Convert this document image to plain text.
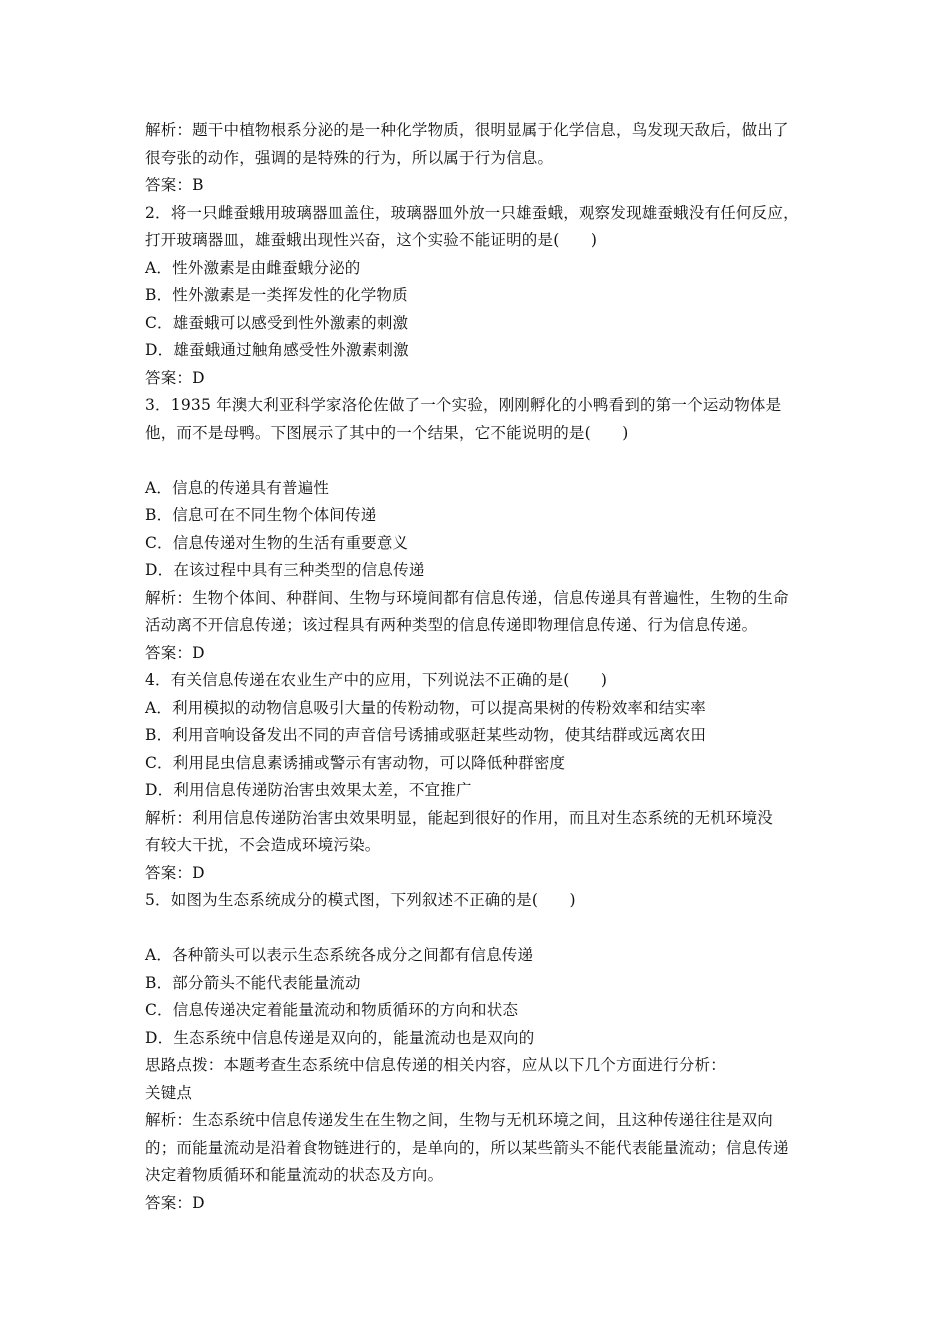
解析：题干中植物根系分泌的是一种化学物质，很明显属于化学信息，鸟发现天敌后，做出了
很夸张的动作，强调的是特殊的行为，所以属于行为信息。
答案：B
2．将一只雌蚕蛾用玻璃器皿盖住，玻璃器皿外放一只雄蚕蛾，观察发现雄蚕蛾没有任何反应，
打开玻璃器皿，雄蚕蛾出现性兴奋，这个实验不能证明的是(　　)
A．性外激素是由雌蚕蛾分泌的
B．性外激素是一类挥发性的化学物质
C．雄蚕蛾可以感受到性外激素的刺激
D．雄蚕蛾通过触角感受性外激素刺激
答案：D
3．1935 年澳大利亚科学家洛伦佐做了一个实验，刚刚孵化的小鸭看到的第一个运动物体是
他，而不是母鸭。下图展示了其中的一个结果，它不能说明的是(　　)
A．信息的传递具有普遍性
B．信息可在不同生物个体间传递
C．信息传递对生物的生活有重要意义
D．在该过程中具有三种类型的信息传递
解析：生物个体间、种群间、生物与环境间都有信息传递，信息传递具有普遍性，生物的生命
活动离不开信息传递；该过程具有两种类型的信息传递即物理信息传递、行为信息传递。
答案：D
4．有关信息传递在农业生产中的应用，下列说法不正确的是(　　)
A．利用模拟的动物信息吸引大量的传粉动物，可以提高果树的传粉效率和结实率
B．利用音响设备发出不同的声音信号诱捕或驱赶某些动物，使其结群或远离农田
C．利用昆虫信息素诱捕或警示有害动物，可以降低种群密度
D．利用信息传递防治害虫效果太差，不宜推广
解析：利用信息传递防治害虫效果明显，能起到很好的作用，而且对生态系统的无机环境没
有较大干扰，不会造成环境污染。
答案：D
5．如图为生态系统成分的模式图，下列叙述不正确的是(　　)
A．各种箭头可以表示生态系统各成分之间都有信息传递
B．部分箭头不能代表能量流动
C．信息传递决定着能量流动和物质循环的方向和状态
D．生态系统中信息传递是双向的，能量流动也是双向的
思路点拨：本题考查生态系统中信息传递的相关内容，应从以下几个方面进行分析：
关键点
解析：生态系统中信息传递发生在生物之间，生物与无机环境之间，且这种传递往往是双向
的；而能量流动是沿着食物链进行的，是单向的，所以某些箭头不能代表能量流动；信息传递
决定着物质循环和能量流动的状态及方向。
答案：D
